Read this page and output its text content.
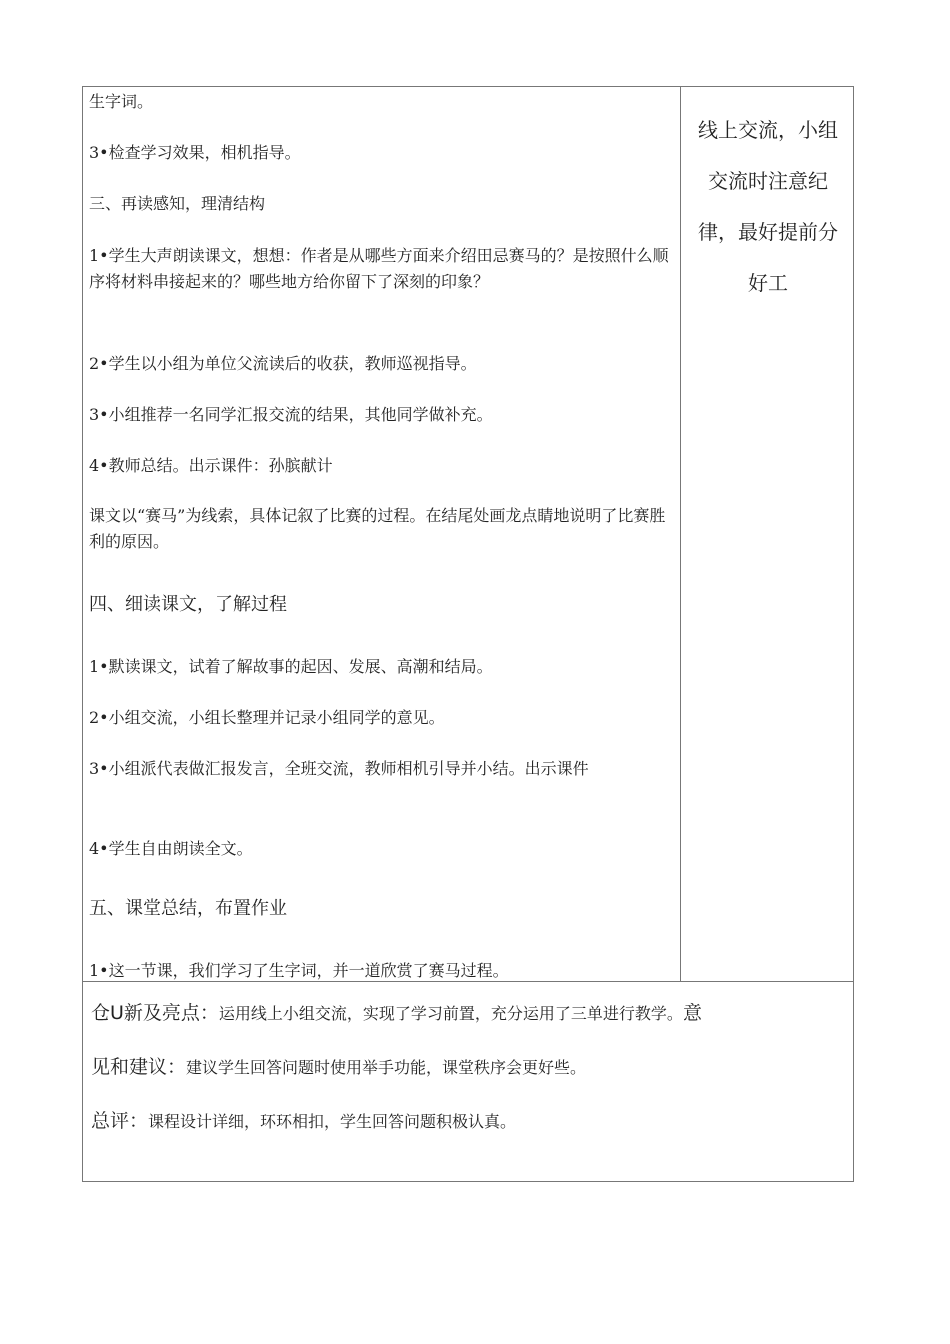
生字词。
3•检查学习效果，相机指导。
三、再读感知，理清结构
1•学生大声朗读课文，想想：作者是从哪些方面来介绍田忌赛马的？是按照什么顺序将材料串接起来的？哪些地方给你留下了深刻的印象？
2•学生以小组为单位父流读后的收获，教师巡视指导。
3•小组推荐一名同学汇报交流的结果，其他同学做补充。
4•教师总结。出示课件：孙膑献计
课文以“赛马”为线索，具体记叙了比赛的过程。在结尾处画龙点睛地说明了比赛胜利的原因。
四、细读课文，了解过程
1•默读课文，试着了解故事的起因、发展、高潮和结局。
2•小组交流，小组长整理并记录小组同学的意见。
3•小组派代表做汇报发言，全班交流，教师相机引导并小结。出示课件
4•学生自由朗读全文。
五、课堂总结，布置作业
1•这一节课，我们学习了生字词，并一道欣赏了赛马过程。
线上交流，小组交流时注意纪律，最好提前分好工
仓U新及亮点：运用线上小组交流，实现了学习前置，充分运用了三单进行教学。意
见和建议：建议学生回答问题时使用举手功能，课堂秩序会更好些。
总评：课程设计详细，环环相扣，学生回答问题积极认真。
